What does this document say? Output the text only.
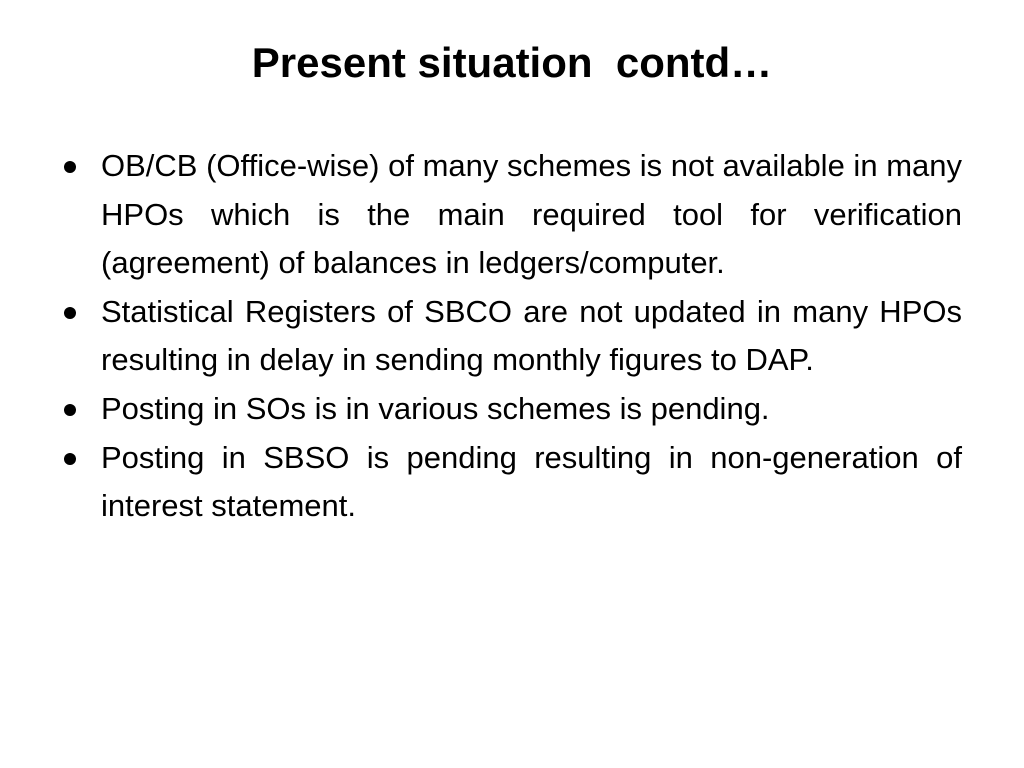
Present situation  contd…
OB/CB (Office-wise) of many schemes is not available in many HPOs which is the main required tool for verification (agreement) of balances in ledgers/computer.
Statistical Registers of SBCO are not updated in many HPOs resulting in delay in sending monthly figures to DAP.
Posting in SOs is in various schemes is pending.
Posting in SBSO is pending resulting in non-generation of interest statement.
